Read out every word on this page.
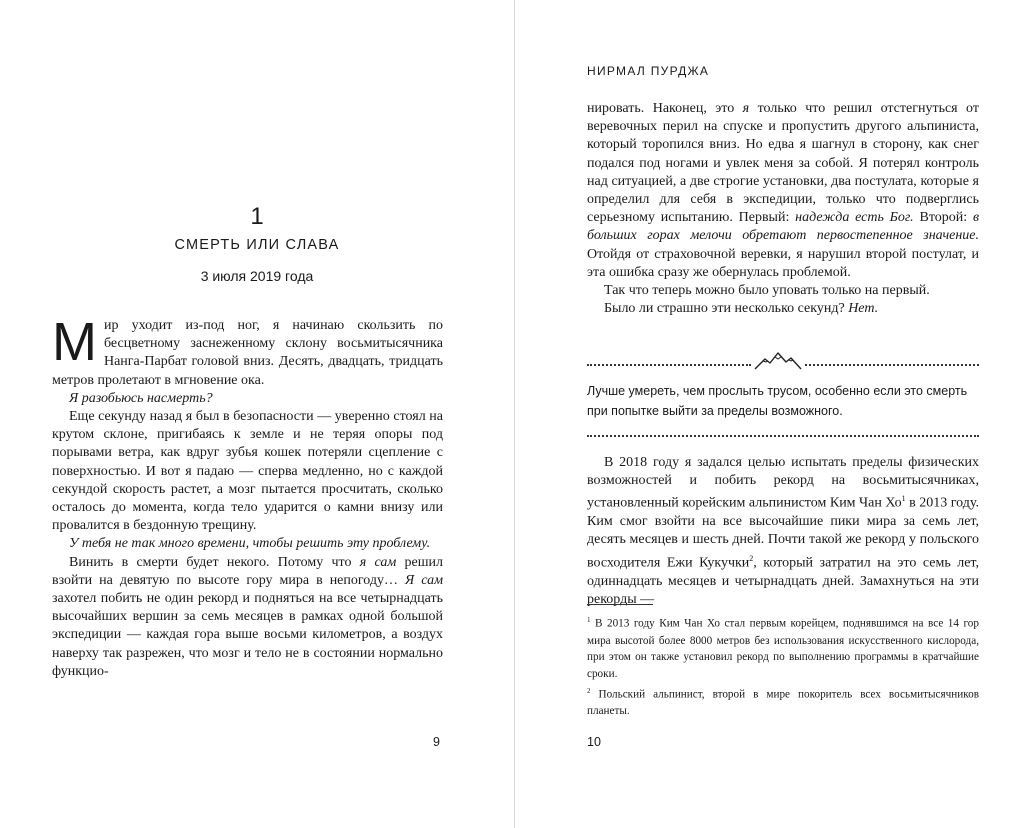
1
СМЕРТЬ ИЛИ СЛАВА
3 июля 2019 года

Мир уходит из-под ног, я начинаю скользить по бесцветному заснеженному склону восьмитысячника Нанга-Парбат головой вниз. Десять, двадцать, тридцать метров пролетают в мгновение ока.

Я разобьюсь насмерть?

Еще секунду назад я был в безопасности — уверенно стоял на крутом склоне, пригибаясь к земле и не теряя опоры под порывами ветра, как вдруг зубья кошек потеряли сцепление с поверхностью. И вот я падаю — сперва медленно, но с каждой секундой скорость растет, а мозг пытается просчитать, сколько осталось до момента, когда тело ударится о камни внизу или провалится в бездонную трещину.

У тебя не так много времени, чтобы решить эту проблему.

Винить в смерти будет некого. Потому что я сам решил взойти на девятую по высоте гору мира в непогоду… Я сам захотел побить не один рекорд и подняться на все четырнадцать высочайших вершин за семь месяцев в рамках одной большой экспедиции — каждая гора выше восьми километров, а воздух наверху так разрежен, что мозг и тело не в состоянии нормально функцио-

9
НИРМАЛ ПУРДЖА

нировать. Наконец, это я только что решил отстегнуться от веревочных перил на спуске и пропустить другого альпиниста, который торопился вниз. Но едва я шагнул в сторону, как снег подался под ногами и увлек меня за собой. Я потерял контроль над ситуацией, а две строгие установки, два постулата, которые я определил для себя в экспедиции, только что подверглись серьезному испытанию. Первый: надежда есть Бог. Второй: в больших горах мелочи обретают первостепенное значение. Отойдя от страховочной веревки, я нарушил второй постулат, и эта ошибка сразу же обернулась проблемой.

Так что теперь можно было уповать только на первый.

Было ли страшно эти несколько секунд? Нет.

Лучше умереть, чем прослыть трусом, особенно если это смерть при попытке выйти за пределы возможного.

В 2018 году я задался целью испытать пределы физических возможностей и побить рекорд на восьмитысячниках, установленный корейским альпинистом Ким Чан $Хо^1$ в 2013 году. Ким смог взойти на все высочайшие пики мира за семь лет, десять месяцев и шесть дней. Почти такой же рекорд у польского восходителя Ежи Кукучки$^2$, который затратил на это семь лет, одиннадцать месяцев и четырнадцать дней. Замахнуться на эти рекорды —

$^1$ В 2013 году Ким Чан Хо стал первым корейцем, поднявшимся на все 14 гор мира высотой более 8000 метров без использования искусственного кислорода, при этом он также установил рекорд по выполнению программы в кратчайшие сроки.

$^2$ Польский альпинист, второй в мире покоритель всех восьмитысячников планеты.

10
